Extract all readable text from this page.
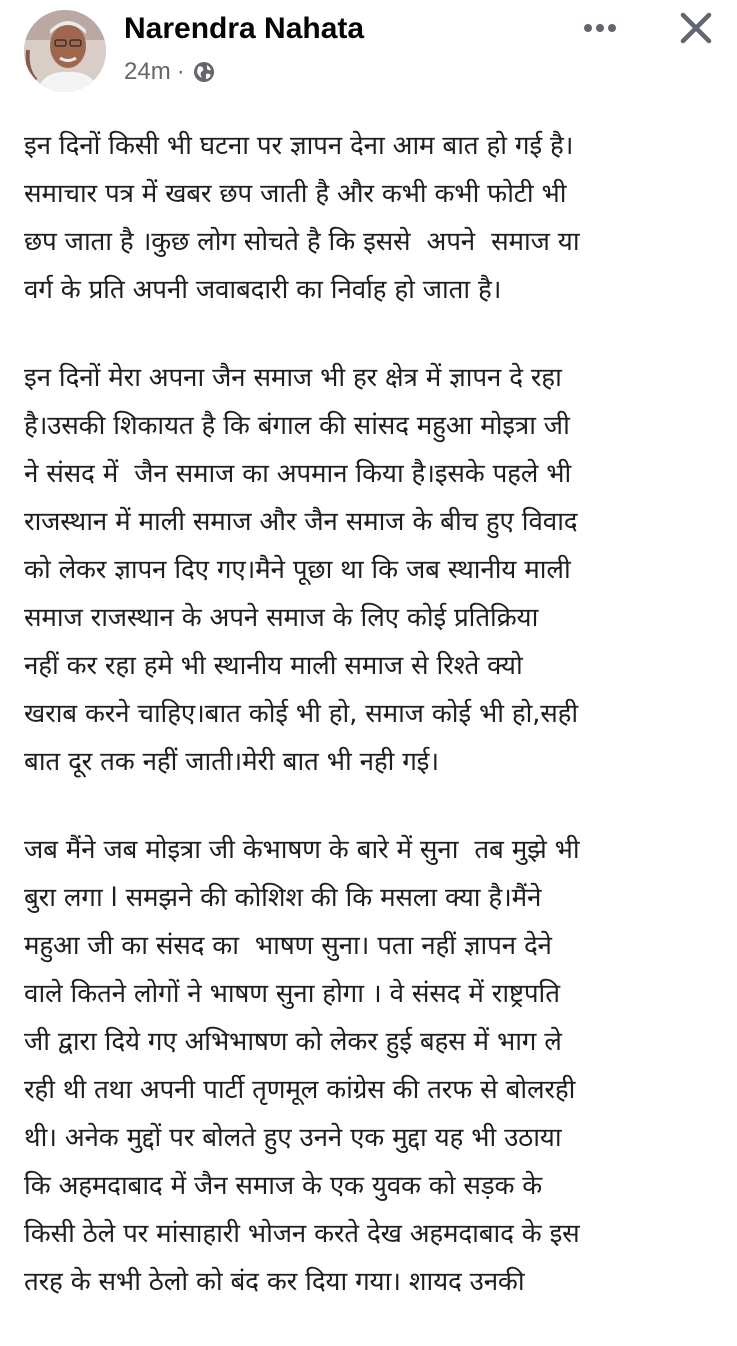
Narendra Nahata
24m ·

इन दिनों किसी भी घटना पर ज्ञापन देना आम बात हो गई है।
समाचार पत्र में खबर छप जाती है और कभी कभी फोटी भी
छप जाता है ।कुछ लोग सोचते है कि इससे  अपने  समाज या
वर्ग के प्रति अपनी जवाबदारी का निर्वाह हो जाता है।

इन दिनों मेरा अपना जैन समाज भी हर क्षेत्र में ज्ञापन दे रहा
है।उसकी शिकायत है कि बंगाल की सांसद महुआ मोइत्रा जी
ने संसद में  जैन समाज का अपमान किया है।इसके पहले भी
राजस्थान में माली समाज और जैन समाज के बीच हुए विवाद
को लेकर ज्ञापन दिए गए।मैने पूछा था कि जब स्थानीय माली
समाज राजस्थान के अपने समाज के लिए कोई प्रतिक्रिया
नहीं कर रहा हमे भी स्थानीय माली समाज से रिश्ते क्यो
खराब करने चाहिए।बात कोई भी हो, समाज कोई भी हो,सही
बात दूर तक नहीं जाती।मेरी बात भी नही गई।

जब मैंने जब मोइत्रा जी केभाषण के बारे में सुना  तब मुझे भी
बुरा लगा l समझने की कोशिश की कि मसला क्या है।मैंने
महुआ जी का संसद का  भाषण सुना। पता नहीं ज्ञापन देने
वाले कितने लोगों ने भाषण सुना होगा । वे संसद में राष्ट्रपति
जी द्वारा दिये गए अभिभाषण को लेकर हुई बहस में भाग ले
रही थी तथा अपनी पार्टी तृणमूल कांग्रेस की तरफ से बोलरही
थी। अनेक मुद्दों पर बोलते हुए उनने एक मुद्दा यह भी उठाया
कि अहमदाबाद में जैन समाज के एक युवक को सड़क के
किसी ठेले पर मांसाहारी भोजन करते देख अहमदाबाद के इस
तरह के सभी ठेलो को बंद कर दिया गया। शायद उनकी
